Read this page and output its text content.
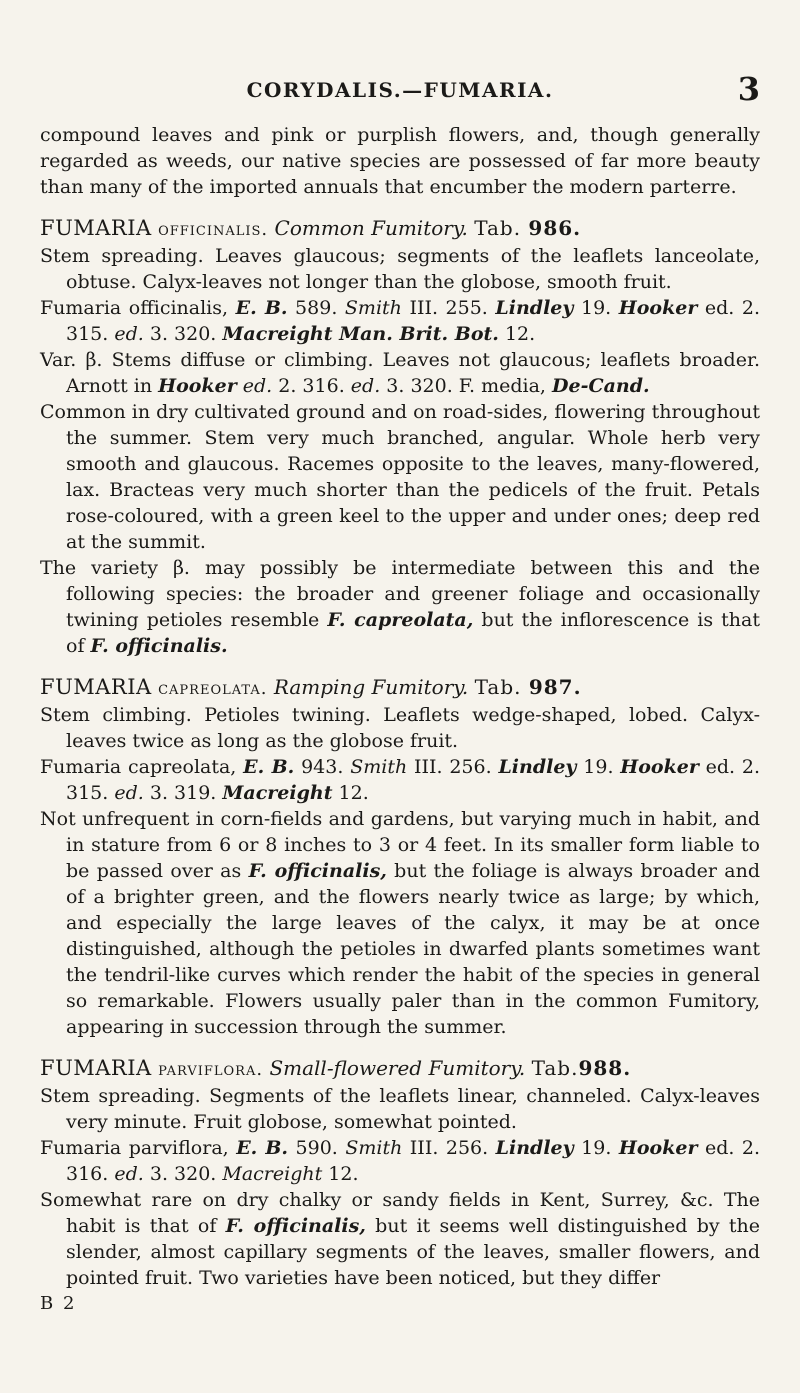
CORYDALIS.—FUMARIA.	3

compound leaves and pink or purplish flowers, and, though generally regarded as weeds, our native species are possessed of far more beauty than many of the imported annuals that encumber the modern parterre.

FUMARIA officinalis. Common Fumitory. Tab. 986.

Stem spreading. Leaves glaucous; segments of the leaflets lanceolate, obtuse. Calyx-leaves not longer than the globose, smooth fruit.

Fumaria officinalis, E. B. 589. Smith III. 255. Lindley 19. Hooker ed. 2. 315. ed. 3. 320. Macreight Man. Brit. Bot. 12.

Var. β. Stems diffuse or climbing. Leaves not glaucous; leaflets broader. Arnott in Hooker ed. 2. 316. ed. 3. 320. F. media, De-Cand.

Common in dry cultivated ground and on road-sides, flowering throughout the summer. Stem very much branched, angular. Whole herb very smooth and glaucous. Racemes opposite to the leaves, many-flowered, lax. Bracteas very much shorter than the pedicels of the fruit. Petals rose-coloured, with a green keel to the upper and under ones; deep red at the summit.

The variety β. may possibly be intermediate between this and the following species: the broader and greener foliage and occasionally twining petioles resemble F. capreolata, but the inflorescence is that of F. officinalis.

FUMARIA capreolata. Ramping Fumitory. Tab. 987.

Stem climbing. Petioles twining. Leaflets wedge-shaped, lobed. Calyx-leaves twice as long as the globose fruit.

Fumaria capreolata, E. B. 943. Smith III. 256. Lindley 19. Hooker ed. 2. 315. ed. 3. 319. Macreight 12.

Not unfrequent in corn-fields and gardens, but varying much in habit, and in stature from 6 or 8 inches to 3 or 4 feet. In its smaller form liable to be passed over as F. officinalis, but the foliage is always broader and of a brighter green, and the flowers nearly twice as large; by which, and especially the large leaves of the calyx, it may be at once distinguished, although the petioles in dwarfed plants sometimes want the tendril-like curves which render the habit of the species in general so remarkable. Flowers usually paler than in the common Fumitory, appearing in succession through the summer.

FUMARIA parviflora. Small-flowered Fumitory. Tab.988.

Stem spreading. Segments of the leaflets linear, channeled. Calyx-leaves very minute. Fruit globose, somewhat pointed.

Fumaria parviflora, E. B. 590. Smith III. 256. Lindley 19. Hooker ed. 2. 316. ed. 3. 320. Macreight 12.

Somewhat rare on dry chalky or sandy fields in Kent, Surrey, &c. The habit is that of F. officinalis, but it seems well distinguished by the slender, almost capillary segments of the leaves, smaller flowers, and pointed fruit. Two varieties have been noticed, but they differ

B 2
